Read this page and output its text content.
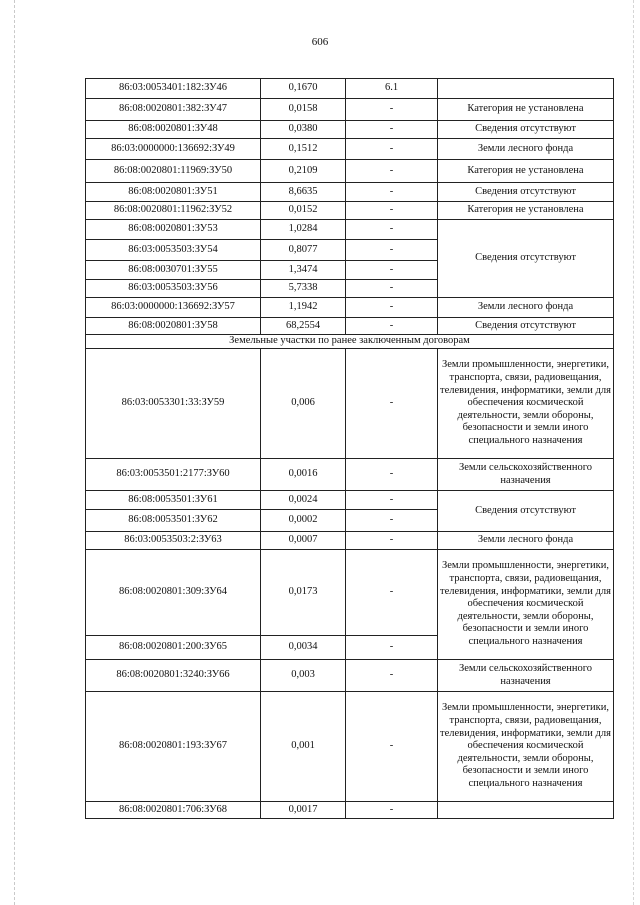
606
86:03:0053401:182:ЗУ46	0,1670	6.1	
86:08:0020801:382:ЗУ47	0,0158	-	Категория не установлена
86:08:0020801:ЗУ48	0,0380	-	Сведения отсутствуют
86:03:0000000:136692:ЗУ49	0,1512	-	Земли лесного фонда
86:08:0020801:11969:ЗУ50	0,2109	-	Категория не установлена
86:08:0020801:ЗУ51	8,6635	-	Сведения отсутствуют
86:08:0020801:11962:ЗУ52	0,0152	-	Категория не установлена
86:08:0020801:ЗУ53	1,0284	-	Сведения отсутствуют
86:03:0053503:ЗУ54	0,8077	-	
86:08:0030701:ЗУ55	1,3474	-	
86:03:0053503:ЗУ56	5,7338	-	
86:03:0000000:136692:ЗУ57	1,1942	-	Земли лесного фонда
86:08:0020801:ЗУ58	68,2554	-	Сведения отсутствуют
Земельные участки по ранее заключенным договорам			
86:03:0053301:33:ЗУ59	0,006	-	Земли промышленности, энергетики, транспорта, связи, радиовещания, телевидения, информатики, земли для обеспечения космической деятельности, земли обороны, безопасности и земли иного специального назначения
86:03:0053501:2177:ЗУ60	0,0016	-	Земли сельскохозяйственного назначения
86:08:0053501:ЗУ61	0,0024	-	Сведения отсутствуют
86:08:0053501:ЗУ62	0,0002	-	
86:03:0053503:2:ЗУ63	0,0007	-	Земли лесного фонда
86:08:0020801:309:ЗУ64	0,0173	-	Земли промышленности, энергетики, транспорта, связи, радиовещания, телевидения, информатики, земли для обеспечения космической деятельности, земли обороны, безопасности и земли иного специального назначения
86:08:0020801:200:ЗУ65	0,0034	-	
86:08:0020801:3240:ЗУ66	0,003	-	Земли сельскохозяйственного назначения
86:08:0020801:193:ЗУ67	0,001	-	Земли промышленности, энергетики, транспорта, связи, радиовещания, телевидения, информатики, земли для обеспечения космической деятельности, земли обороны, безопасности и земли иного специального назначения
86:08:0020801:706:ЗУ68	0,0017	-	
